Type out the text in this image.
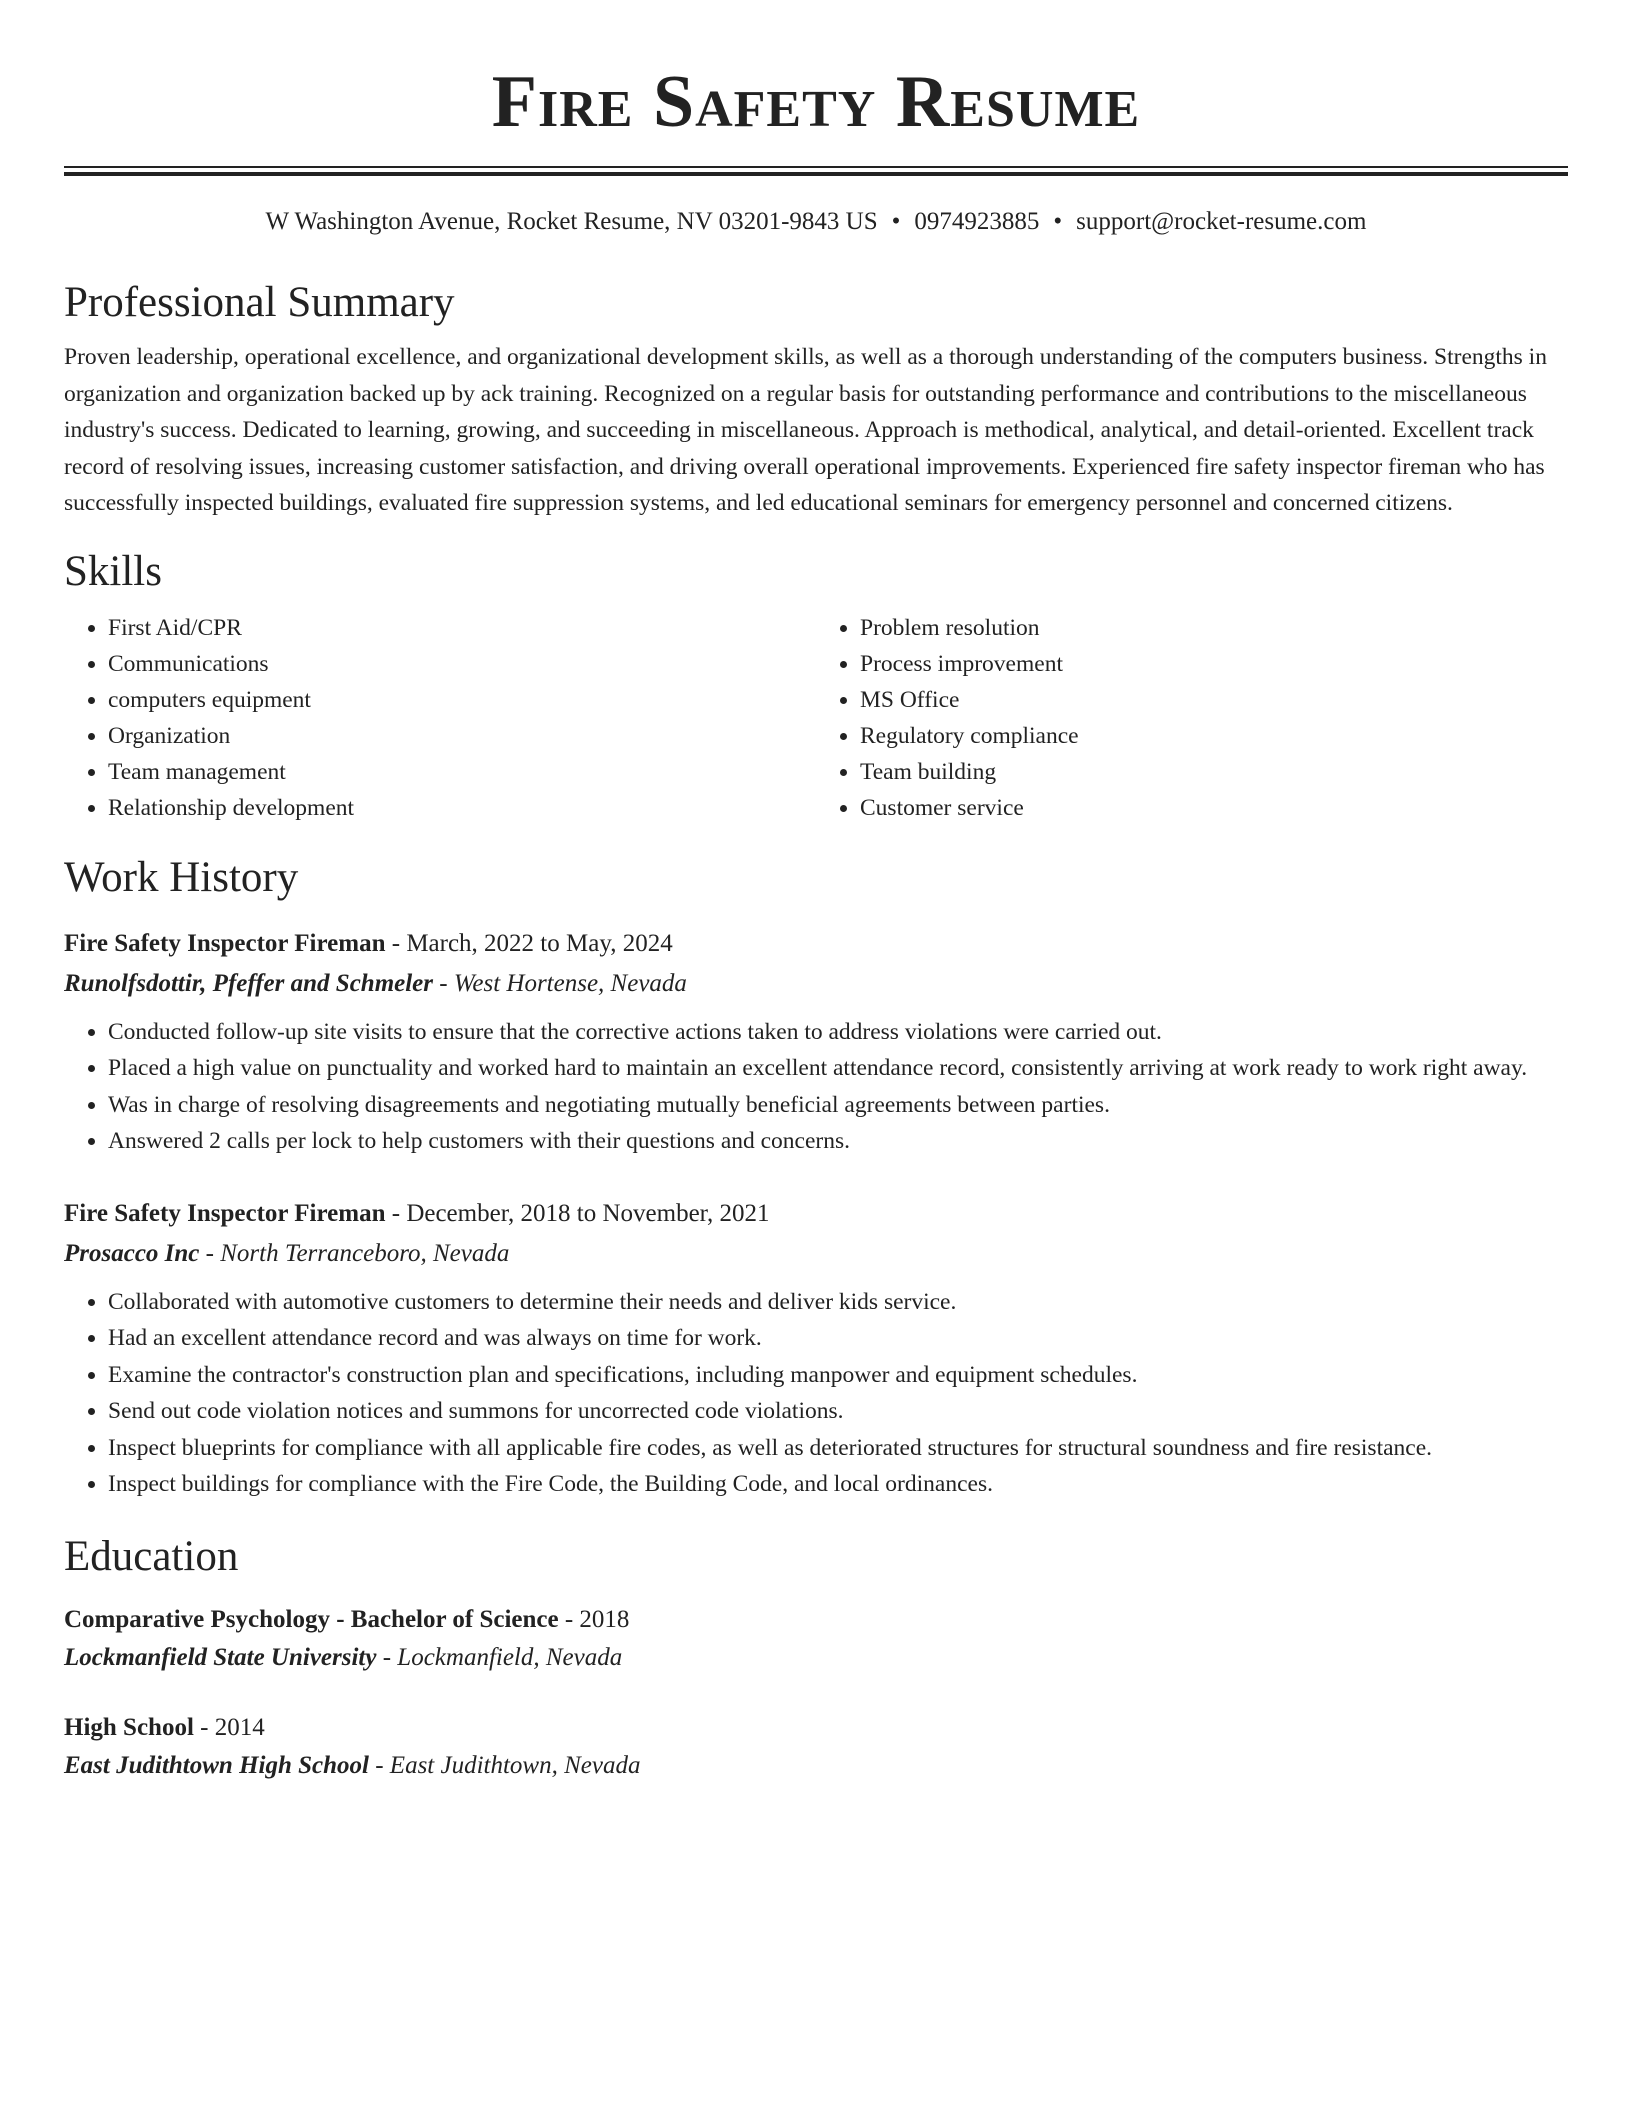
Fire Safety Resume
W Washington Avenue, Rocket Resume, NV 03201-9843 US • 0974923885 • support@rocket-resume.com
Professional Summary
Proven leadership, operational excellence, and organizational development skills, as well as a thorough understanding of the computers business. Strengths in organization and organization backed up by ack training. Recognized on a regular basis for outstanding performance and contributions to the miscellaneous industry's success. Dedicated to learning, growing, and succeeding in miscellaneous. Approach is methodical, analytical, and detail-oriented. Excellent track record of resolving issues, increasing customer satisfaction, and driving overall operational improvements. Experienced fire safety inspector fireman who has successfully inspected buildings, evaluated fire suppression systems, and led educational seminars for emergency personnel and concerned citizens.
Skills
• First Aid/CPR
• Communications
• computers equipment
• Organization
• Team management
• Relationship development
• Problem resolution
• Process improvement
• MS Office
• Regulatory compliance
• Team building
• Customer service
Work History
Fire Safety Inspector Fireman - March, 2022 to May, 2024
Runolfsdottir, Pfeffer and Schmeler - West Hortense, Nevada
• Conducted follow-up site visits to ensure that the corrective actions taken to address violations were carried out.
• Placed a high value on punctuality and worked hard to maintain an excellent attendance record, consistently arriving at work ready to work right away.
• Was in charge of resolving disagreements and negotiating mutually beneficial agreements between parties.
• Answered 2 calls per lock to help customers with their questions and concerns.
Fire Safety Inspector Fireman - December, 2018 to November, 2021
Prosacco Inc - North Terranceboro, Nevada
• Collaborated with automotive customers to determine their needs and deliver kids service.
• Had an excellent attendance record and was always on time for work.
• Examine the contractor's construction plan and specifications, including manpower and equipment schedules.
• Send out code violation notices and summons for uncorrected code violations.
• Inspect blueprints for compliance with all applicable fire codes, as well as deteriorated structures for structural soundness and fire resistance.
• Inspect buildings for compliance with the Fire Code, the Building Code, and local ordinances.
Education
Comparative Psychology - Bachelor of Science - 2018
Lockmanfield State University - Lockmanfield, Nevada
High School - 2014
East Judithtown High School - East Judithtown, Nevada
